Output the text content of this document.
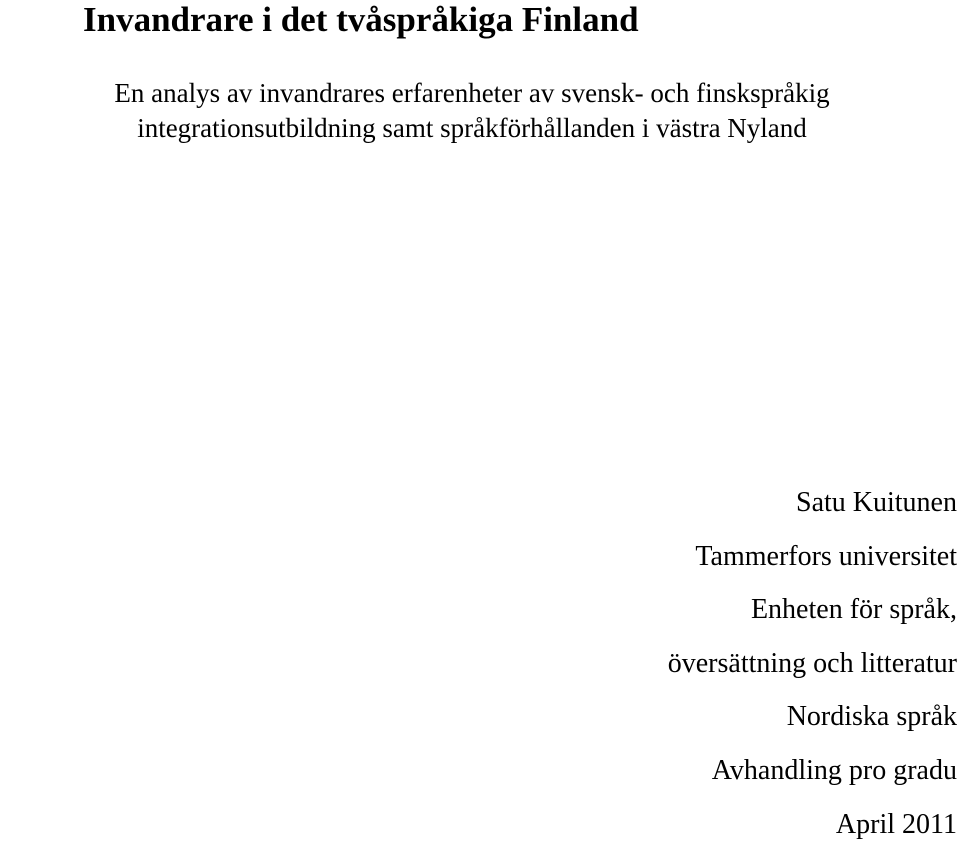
Invandrare i det tvåspråkiga Finland

En analys av invandrares erfarenheter av svensk- och finskspråkig
integrationsutbildning samt språkförhållanden i västra Nyland

Satu Kuitunen
Tammerfors universitet
Enheten för språk,
översättning och litteratur
Nordiska språk
Avhandling pro gradu
April 2011
